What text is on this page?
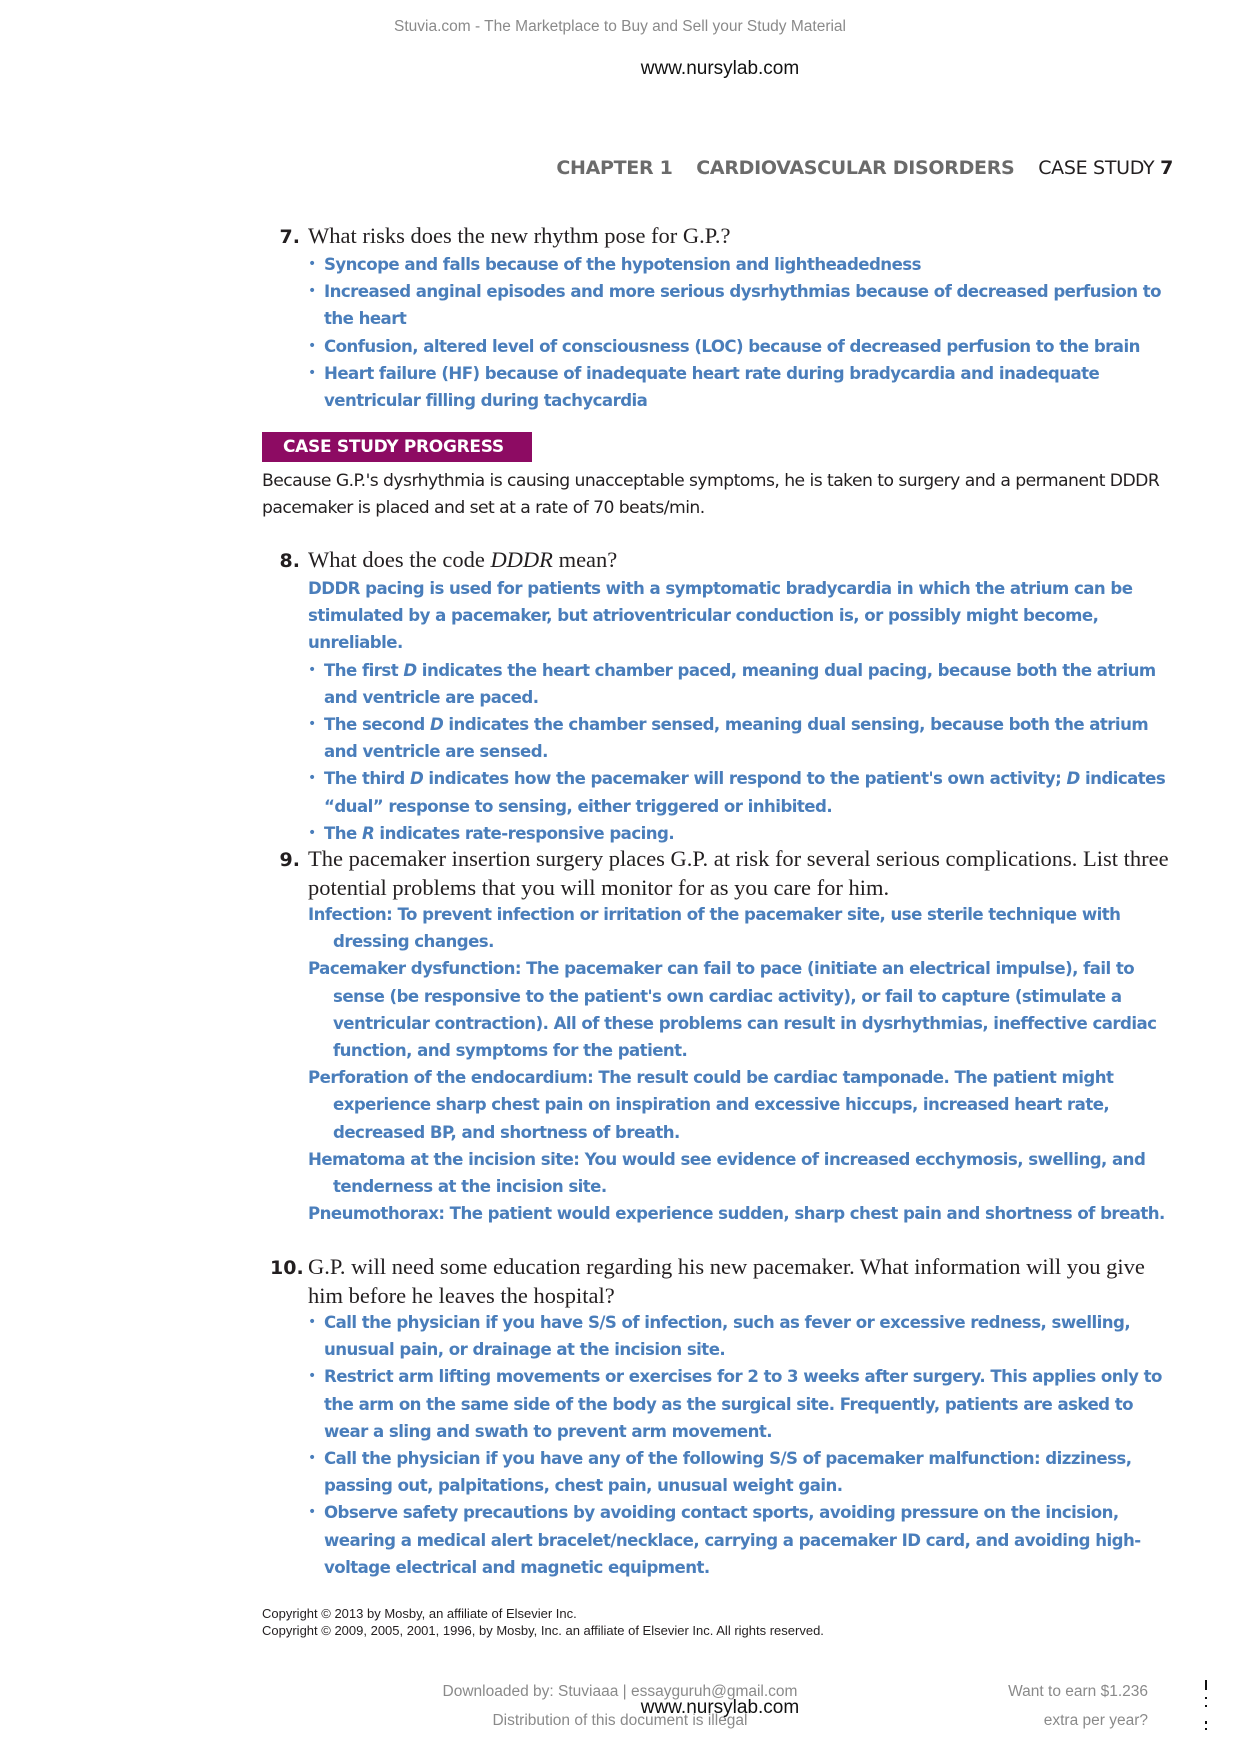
Stuvia.com - The Marketplace to Buy and Sell your Study Material
www.nursylab.com
CHAPTER 1 CARDIOVASCULAR DISORDERS CASE STUDY 7
7. What risks does the new rhythm pose for G.P.?
• Syncope and falls because of the hypotension and lightheadedness
• Increased anginal episodes and more serious dysrhythmias because of decreased perfusion to the heart
• Confusion, altered level of consciousness (LOC) because of decreased perfusion to the brain
• Heart failure (HF) because of inadequate heart rate during bradycardia and inadequate ventricular filling during tachycardia
CASE STUDY PROGRESS
Because G.P.'s dysrhythmia is causing unacceptable symptoms, he is taken to surgery and a permanent DDDR pacemaker is placed and set at a rate of 70 beats/min.
8. What does the code DDDR mean?
DDDR pacing is used for patients with a symptomatic bradycardia in which the atrium can be stimulated by a pacemaker, but atrioventricular conduction is, or possibly might become, unreliable.
• The first D indicates the heart chamber paced, meaning dual pacing, because both the atrium and ventricle are paced.
• The second D indicates the chamber sensed, meaning dual sensing, because both the atrium and ventricle are sensed.
• The third D indicates how the pacemaker will respond to the patient's own activity; D indicates “dual” response to sensing, either triggered or inhibited.
• The R indicates rate-responsive pacing.
9. The pacemaker insertion surgery places G.P. at risk for several serious complications. List three potential problems that you will monitor for as you care for him.
Infection: To prevent infection or irritation of the pacemaker site, use sterile technique with dressing changes.
Pacemaker dysfunction: The pacemaker can fail to pace (initiate an electrical impulse), fail to sense (be responsive to the patient's own cardiac activity), or fail to capture (stimulate a ventricular contraction). All of these problems can result in dysrhythmias, ineffective cardiac function, and symptoms for the patient.
Perforation of the endocardium: The result could be cardiac tamponade. The patient might experience sharp chest pain on inspiration and excessive hiccups, increased heart rate, decreased BP, and shortness of breath.
Hematoma at the incision site: You would see evidence of increased ecchymosis, swelling, and tenderness at the incision site.
Pneumothorax: The patient would experience sudden, sharp chest pain and shortness of breath.
10. G.P. will need some education regarding his new pacemaker. What information will you give him before he leaves the hospital?
• Call the physician if you have S/S of infection, such as fever or excessive redness, swelling, unusual pain, or drainage at the incision site.
• Restrict arm lifting movements or exercises for 2 to 3 weeks after surgery. This applies only to the arm on the same side of the body as the surgical site. Frequently, patients are asked to wear a sling and swath to prevent arm movement.
• Call the physician if you have any of the following S/S of pacemaker malfunction: dizziness, passing out, palpitations, chest pain, unusual weight gain.
• Observe safety precautions by avoiding contact sports, avoiding pressure on the incision, wearing a medical alert bracelet/necklace, carrying a pacemaker ID card, and avoiding high-voltage electrical and magnetic equipment.
Copyright © 2013 by Mosby, an affiliate of Elsevier Inc.
Copyright © 2009, 2005, 2001, 1996, by Mosby, Inc. an affiliate of Elsevier Inc. All rights reserved.
Downloaded by: Stuviaaa | essayguruh@gmail.com
Distribution of this document is illegal
www.nursylab.com
Want to earn $1.236
extra per year?
